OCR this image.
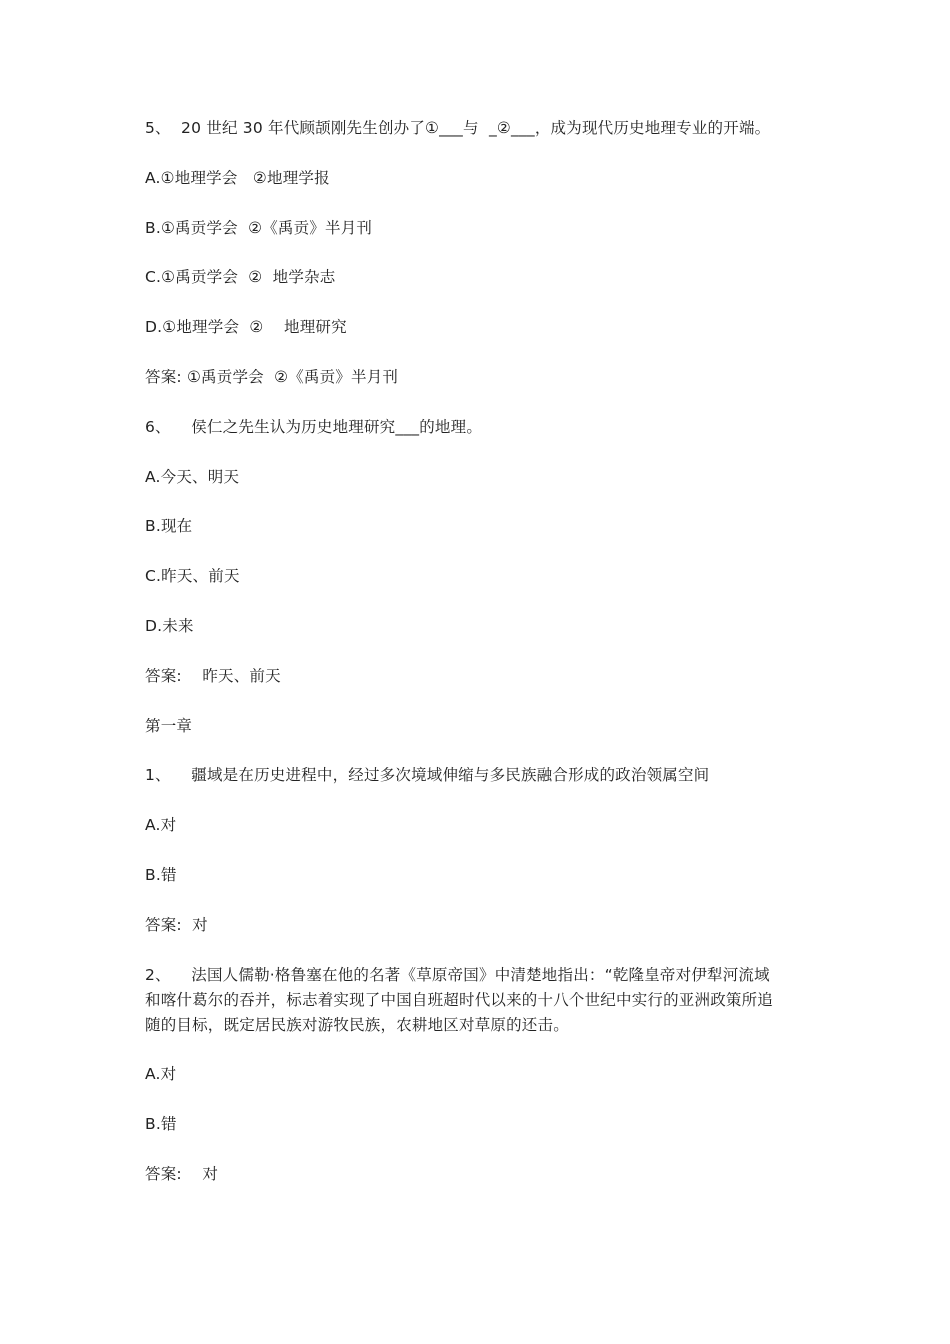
5、  20 世纪 30 年代顾颉刚先生创办了①___与  _②___，成为现代历史地理专业的开端。
A.①地理学会   ②地理学报
B.①禹贡学会  ②《禹贡》半月刊
C.①禹贡学会  ②  地学杂志
D.①地理学会  ②    地理研究
答案: ①禹贡学会  ②《禹贡》半月刊
6、    侯仁之先生认为历史地理研究___的地理。
A.今天、明天
B.现在
C.昨天、前天
D.未来
答案:    昨天、前天
第一章
1、    疆域是在历史进程中，经过多次境域伸缩与多民族融合形成的政治领属空间
A.对
B.错
答案:  对
2、    法国人儒勒·格鲁塞在他的名著《草原帝国》中清楚地指出：“乾隆皇帝对伊犁河流域
和喀什葛尔的吞并，标志着实现了中国自班超时代以来的十八个世纪中实行的亚洲政策所追
随的目标，既定居民族对游牧民族，农耕地区对草原的还击。
A.对
B.错
答案:    对
